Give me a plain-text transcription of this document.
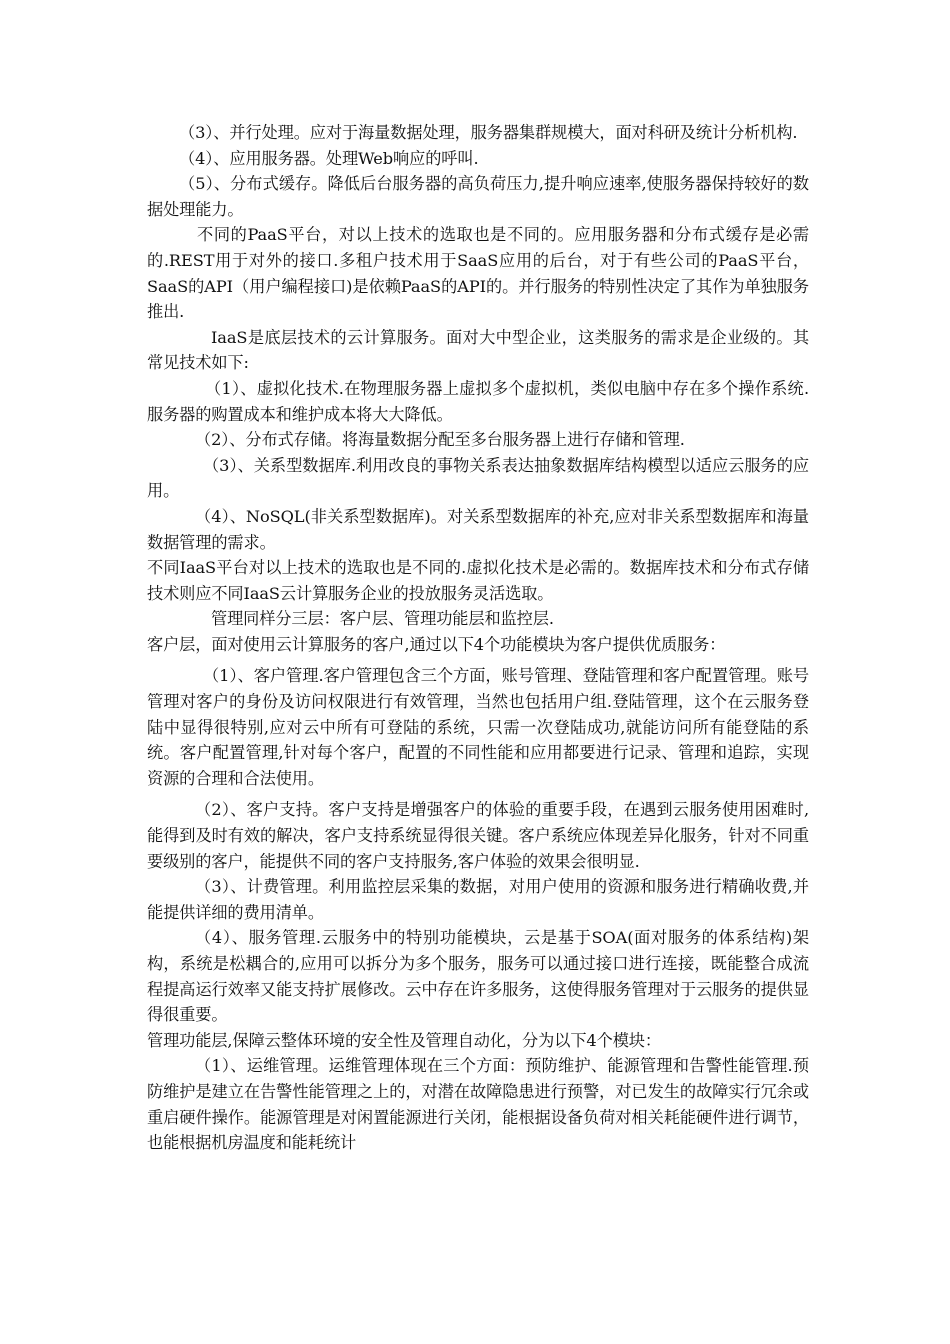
（3）、并行处理。应对于海量数据处理，服务器集群规模大，面对科研及统计分析机构.

（4）、应用服务器。处理Web响应的呼叫.

（5）、分布式缓存。降低后台服务器的高负荷压力,提升响应速率,使服务器保持较好的数据处理能力。

不同的PaaS平台，对以上技术的选取也是不同的。应用服务器和分布式缓存是必需的.REST用于对外的接口.多租户技术用于SaaS应用的后台，对于有些公司的PaaS平台，SaaS的API（用户编程接口)是依赖PaaS的API的。并行服务的特别性决定了其作为单独服务推出.

IaaS是底层技术的云计算服务。面对大中型企业，这类服务的需求是企业级的。其常见技术如下:

（1）、虚拟化技术.在物理服务器上虚拟多个虚拟机，类似电脑中存在多个操作系统.服务器的购置成本和维护成本将大大降低。

（2）、分布式存储。将海量数据分配至多台服务器上进行存储和管理.

（3）、关系型数据库.利用改良的事物关系表达抽象数据库结构模型以适应云服务的应用。

（4）、NoSQL(非关系型数据库)。对关系型数据库的补充,应对非关系型数据库和海量数据管理的需求。

不同IaaS平台对以上技术的选取也是不同的.虚拟化技术是必需的。数据库技术和分布式存储技术则应不同IaaS云计算服务企业的投放服务灵活选取。

管理同样分三层：客户层、管理功能层和监控层.

客户层，面对使用云计算服务的客户,通过以下4个功能模块为客户提供优质服务：

（1）、客户管理.客户管理包含三个方面，账号管理、登陆管理和客户配置管理。账号管理对客户的身份及访问权限进行有效管理，当然也包括用户组.登陆管理，这个在云服务登陆中显得很特别,应对云中所有可登陆的系统，只需一次登陆成功,就能访问所有能登陆的系统。客户配置管理,针对每个客户，配置的不同性能和应用都要进行记录、管理和追踪，实现资源的合理和合法使用。

（2）、客户支持。客户支持是增强客户的体验的重要手段，在遇到云服务使用困难时,能得到及时有效的解决，客户支持系统显得很关键。客户系统应体现差异化服务，针对不同重要级别的客户，能提供不同的客户支持服务,客户体验的效果会很明显.

（3）、计费管理。利用监控层采集的数据，对用户使用的资源和服务进行精确收费,并能提供详细的费用清单。

（4）、服务管理.云服务中的特别功能模块，云是基于SOA(面对服务的体系结构)架构，系统是松耦合的,应用可以拆分为多个服务，服务可以通过接口进行连接，既能整合成流程提高运行效率又能支持扩展修改。云中存在许多服务，这使得服务管理对于云服务的提供显得很重要。

管理功能层,保障云整体环境的安全性及管理自动化，分为以下4个模块：

（1）、运维管理。运维管理体现在三个方面：预防维护、能源管理和告警性能管理.预防维护是建立在告警性能管理之上的，对潜在故障隐患进行预警，对已发生的故障实行冗余或重启硬件操作。能源管理是对闲置能源进行关闭，能根据设备负荷对相关耗能硬件进行调节，也能根据机房温度和能耗统计
